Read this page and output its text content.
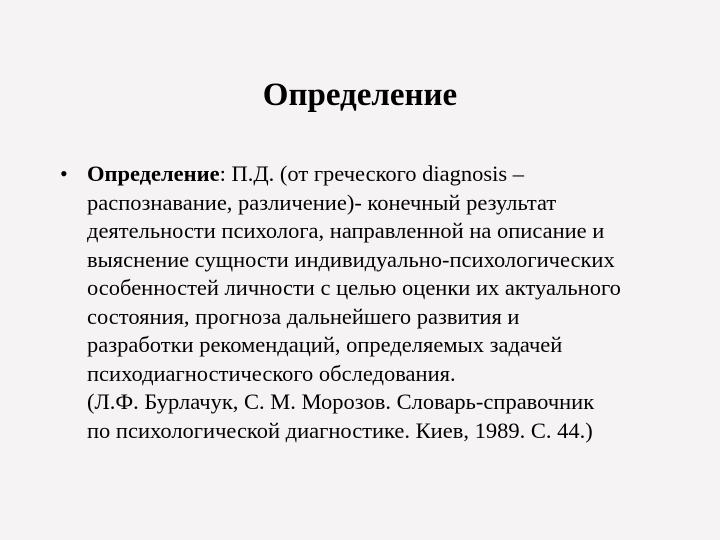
Определение
• Определение: П.Д. (от греческого diagnosis –
распознавание, различение)- конечный результат
деятельности психолога, направленной на описание и
выяснение сущности индивидуально-психологических
особенностей личности с целью оценки их актуального
состояния, прогноза дальнейшего развития и
разработки рекомендаций, определяемых задачей
психодиагностического обследования.
(Л.Ф. Бурлачук, С. М. Морозов. Словарь-справочник
по психологической диагностике. Киев, 1989. С. 44.)
